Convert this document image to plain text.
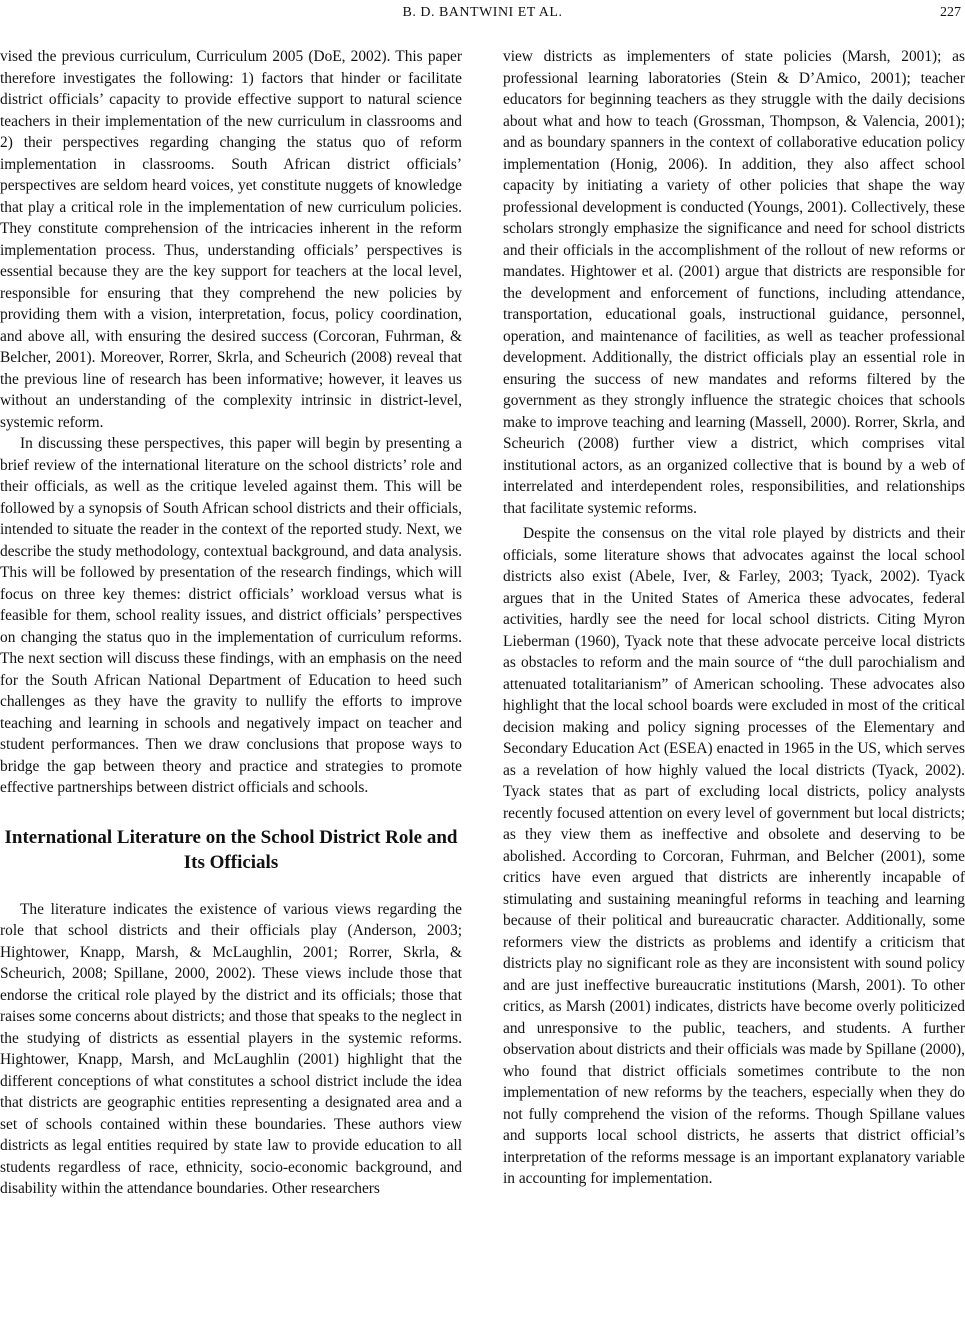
B. D. BANTWINI ET AL.	227

vised the previous curriculum, Curriculum 2005 (DoE, 2002). This paper therefore investigates the following: 1) factors that hinder or facilitate district officials’ capacity to provide effective support to natural science teachers in their implementation of the new curriculum in classrooms and 2) their perspectives regarding changing the status quo of reform implementation in classrooms. South African district officials’ perspectives are seldom heard voices, yet constitute nuggets of knowledge that play a critical role in the implementation of new curriculum policies. They constitute comprehension of the intricacies inherent in the reform implementation process. Thus, understanding officials’ perspectives is essential because they are the key support for teachers at the local level, responsible for ensuring that they comprehend the new policies by providing them with a vision, interpretation, focus, policy coordination, and above all, with ensuring the desired success (Corcoran, Fuhrman, & Belcher, 2001). Moreover, Rorrer, Skrla, and Scheurich (2008) reveal that the previous line of research has been informative; however, it leaves us without an understanding of the complexity intrinsic in district-level, systemic reform.

In discussing these perspectives, this paper will begin by presenting a brief review of the international literature on the school districts’ role and their officials, as well as the critique leveled against them. This will be followed by a synopsis of South African school districts and their officials, intended to situate the reader in the context of the reported study. Next, we describe the study methodology, contextual background, and data analysis. This will be followed by presentation of the research findings, which will focus on three key themes: district officials’ workload versus what is feasible for them, school reality issues, and district officials’ perspectives on changing the status quo in the implementation of curriculum reforms. The next section will discuss these findings, with an emphasis on the need for the South African National Department of Education to heed such challenges as they have the gravity to nullify the efforts to improve teaching and learning in schools and negatively impact on teacher and student performances. Then we draw conclusions that propose ways to bridge the gap between theory and practice and strategies to promote effective partnerships between district officials and schools.

International Literature on the School District Role and Its Officials

The literature indicates the existence of various views regarding the role that school districts and their officials play (Anderson, 2003; Hightower, Knapp, Marsh, & McLaughlin, 2001; Rorrer, Skrla, & Scheurich, 2008; Spillane, 2000, 2002). These views include those that endorse the critical role played by the district and its officials; those that raises some concerns about districts; and those that speaks to the neglect in the studying of districts as essential players in the systemic reforms. Hightower, Knapp, Marsh, and McLaughlin (2001) highlight that the different conceptions of what constitutes a school district include the idea that districts are geographic entities representing a designated area and a set of schools contained within these boundaries. These authors view districts as legal entities required by state law to provide education to all students regardless of race, ethnicity, socio-economic background, and disability within the attendance boundaries. Other researchers

view districts as implementers of state policies (Marsh, 2001); as professional learning laboratories (Stein & D’Amico, 2001); teacher educators for beginning teachers as they struggle with the daily decisions about what and how to teach (Grossman, Thompson, & Valencia, 2001); and as boundary spanners in the context of collaborative education policy implementation (Honig, 2006). In addition, they also affect school capacity by initiating a variety of other policies that shape the way professional development is conducted (Youngs, 2001). Collectively, these scholars strongly emphasize the significance and need for school districts and their officials in the accomplishment of the rollout of new reforms or mandates. Hightower et al. (2001) argue that districts are responsible for the development and enforcement of functions, including attendance, transportation, educational goals, instructional guidance, personnel, operation, and maintenance of facilities, as well as teacher professional development. Additionally, the district officials play an essential role in ensuring the success of new mandates and reforms filtered by the government as they strongly influence the strategic choices that schools make to improve teaching and learning (Massell, 2000). Rorrer, Skrla, and Scheurich (2008) further view a district, which comprises vital institutional actors, as an organized collective that is bound by a web of interrelated and interdependent roles, responsibilities, and relationships that facilitate systemic reforms.

Despite the consensus on the vital role played by districts and their officials, some literature shows that advocates against the local school districts also exist (Abele, Iver, & Farley, 2003; Tyack, 2002). Tyack argues that in the United States of America these advocates, federal activities, hardly see the need for local school districts. Citing Myron Lieberman (1960), Tyack note that these advocate perceive local districts as obstacles to reform and the main source of “the dull parochialism and attenuated totalitarianism” of American schooling. These advocates also highlight that the local school boards were excluded in most of the critical decision making and policy signing processes of the Elementary and Secondary Education Act (ESEA) enacted in 1965 in the US, which serves as a revelation of how highly valued the local districts (Tyack, 2002). Tyack states that as part of excluding local districts, policy analysts recently focused attention on every level of government but local districts; as they view them as ineffective and obsolete and deserving to be abolished. According to Corcoran, Fuhrman, and Belcher (2001), some critics have even argued that districts are inherently incapable of stimulating and sustaining meaningful reforms in teaching and learning because of their political and bureaucratic character. Additionally, some reformers view the districts as problems and identify a criticism that districts play no significant role as they are inconsistent with sound policy and are just ineffective bureaucratic institutions (Marsh, 2001). To other critics, as Marsh (2001) indicates, districts have become overly politicized and unresponsive to the public, teachers, and students. A further observation about districts and their officials was made by Spillane (2000), who found that district officials sometimes contribute to the non implementation of new reforms by the teachers, especially when they do not fully comprehend the vision of the reforms. Though Spillane values and supports local school districts, he asserts that district official’s interpretation of the reforms message is an important explanatory variable in accounting for implementation.
